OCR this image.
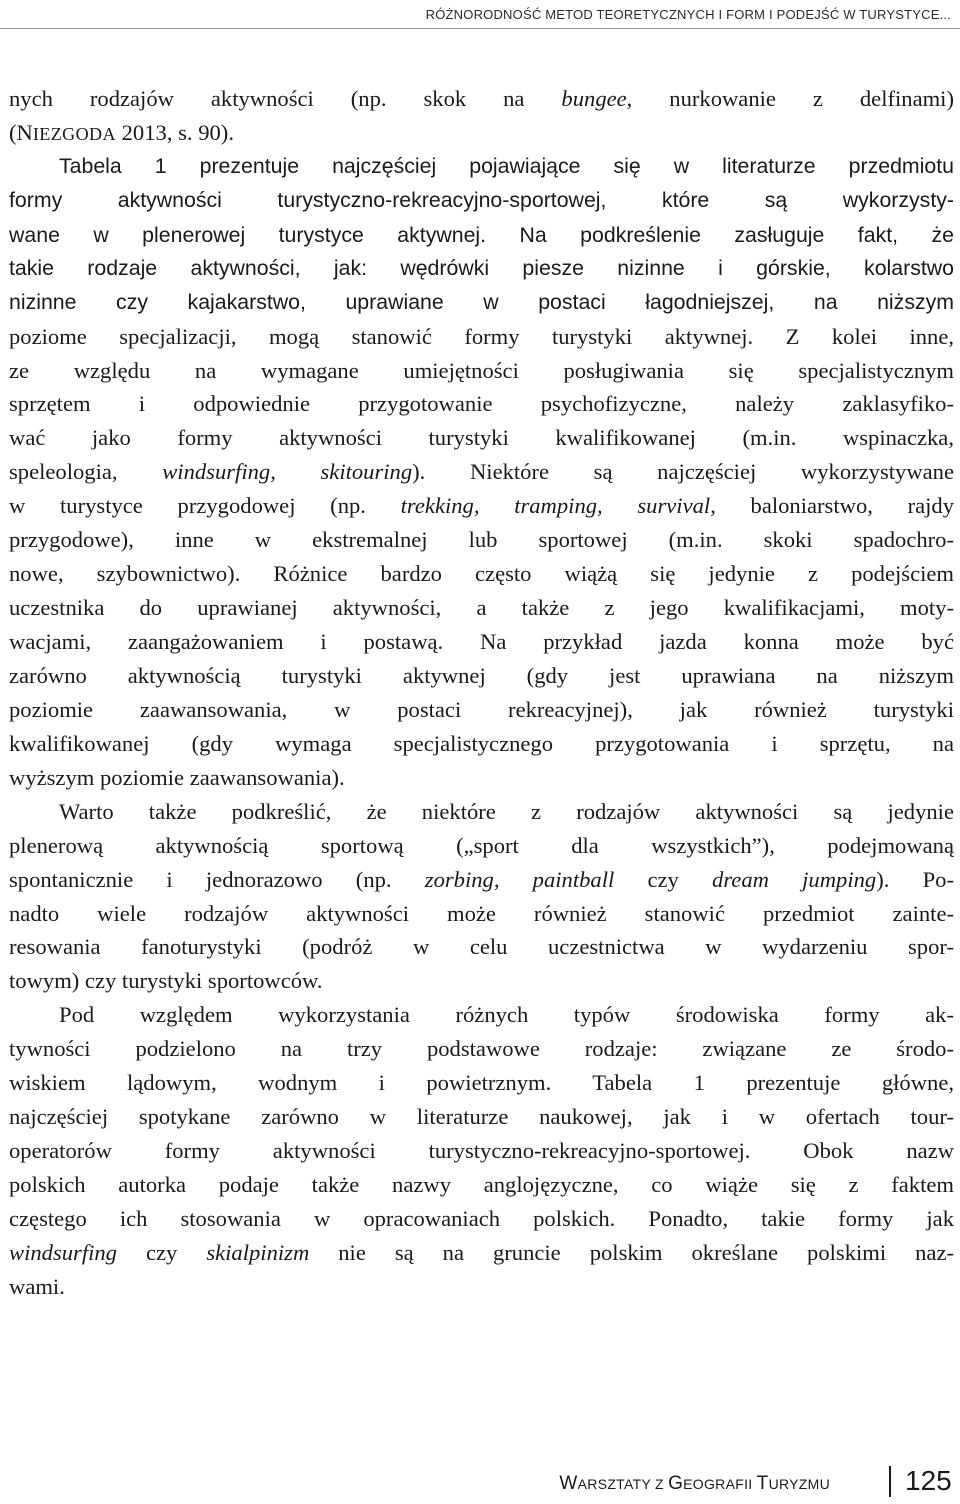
RÓŻNORODNOŚĆ METOD TEORETYCZNYCH I FORM I PODEJŚĆ W TURYSTYCE...
nych rodzajów aktywności (np. skok na bungee, nurkowanie z delfinami)
(NIEZGODA 2013, s. 90).
Tabela 1 prezentuje najczęściej pojawiające się w literaturze przedmiotu
formy aktywności turystyczno-rekreacyjno-sportowej, które są wykorzysty-
wane w plenerowej turystyce aktywnej. Na podkreślenie zasługuje fakt, że
takie rodzaje aktywności, jak: wędrówki piesze nizinne i górskie, kolarstwo
nizinne czy kajakarstwo, uprawiane w postaci łagodniejszej, na niższym
poziome specjalizacji, mogą stanowić formy turystyki aktywnej. Z kolei inne,
ze względu na wymagane umiejętności posługiwania się specjalistycznym
sprzętem i odpowiednie przygotowanie psychofizyczne, należy zaklasyfiko-
wać jako formy aktywności turystyki kwalifikowanej (m.in. wspinaczka,
speleologia, windsurfing, skitouring). Niektóre są najczęściej wykorzystywane
w turystyce przygodowej (np. trekking, tramping, survival, baloniarstwo, rajdy
przygodowe), inne w ekstremalnej lub sportowej (m.in. skoki spadochro-
nowe, szybownictwo). Różnice bardzo często wiążą się jedynie z podejściem
uczestnika do uprawianej aktywności, a także z jego kwalifikacjami, moty-
wacjami, zaangażowaniem i postawą. Na przykład jazda konna może być
zarówno aktywnością turystyki aktywnej (gdy jest uprawiana na niższym
poziomie zaawansowania, w postaci rekreacyjnej), jak również turystyki
kwalifikowanej (gdy wymaga specjalistycznego przygotowania i sprzętu, na
wyższym poziomie zaawansowania).
Warto także podkreślić, że niektóre z rodzajów aktywności są jedynie
plenerową aktywnością sportową („sport dla wszystkich”), podejmowaną
spontanicznie i jednorazowo (np. zorbing, paintball czy dream jumping). Po-
nadto wiele rodzajów aktywności może również stanowić przedmiot zainte-
resowania fanoturystyki (podróż w celu uczestnictwa w wydarzeniu spor-
towym) czy turystyki sportowców.
Pod względem wykorzystania różnych typów środowiska formy ak-
tywności podzielono na trzy podstawowe rodzaje: związane ze środo-
wiskiem lądowym, wodnym i powietrznym. Tabela 1 prezentuje główne,
najczęściej spotykane zarówno w literaturze naukowej, jak i w ofertach tour-
operatorów formy aktywności turystyczno-rekreacyjno-sportowej. Obok nazw
polskich autorka podaje także nazwy anglojęzyczne, co wiąże się z faktem
częstego ich stosowania w opracowaniach polskich. Ponadto, takie formy jak
windsurfing czy skialpinizm nie są na gruncie polskim określane polskimi naz-
wami.
WARSZTATY Z GEOGRAFII TURYZMU	125
